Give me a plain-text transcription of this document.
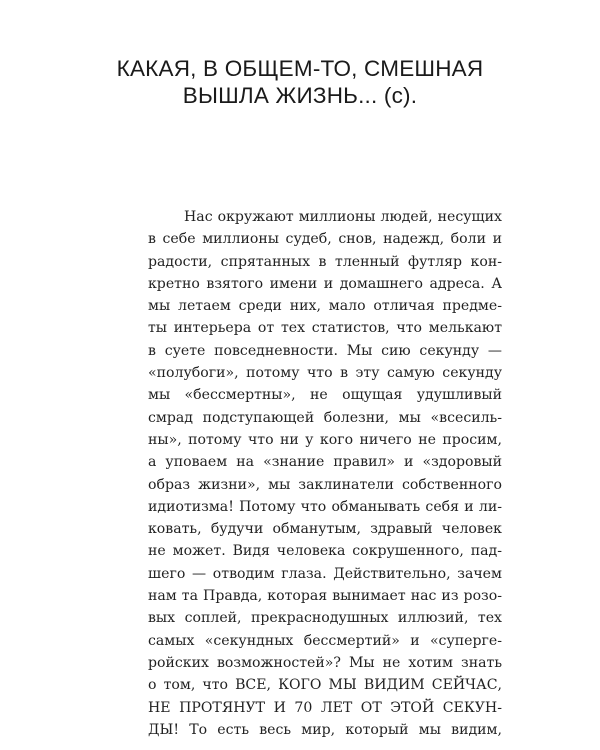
КАКАЯ, В ОБЩЕМ-ТО, СМЕШНАЯ
ВЫШЛА ЖИЗНЬ... (с).
Нас окружают миллионы людей, несущих
в себе миллионы судеб, снов, надежд, боли и
радости, спрятанных в тленный футляр кон-
кретно взятого имени и домашнего адреса. А
мы летаем среди них, мало отличая предме-
ты интерьера от тех статистов, что мелькают
в суете повседневности. Мы сию секунду —
«полубоги», потому что в эту самую секунду
мы «бессмертны», не ощущая удушливый
смрад подступающей болезни, мы «всесиль-
ны», потому что ни у кого ничего не просим,
а уповаем на «знание правил» и «здоровый
образ жизни», мы заклинатели собственного
идиотизма! Потому что обманывать себя и ли-
ковать, будучи обманутым, здравый человек
не может. Видя человека сокрушенного, пад-
шего — отводим глаза. Действительно, зачем
нам та Правда, которая вынимает нас из розо-
вых соплей, прекраснодушных иллюзий, тех
самых «секундных бессмертий» и «суперге-
ройских возможностей»? Мы не хотим знать
о том, что ВСЕ, КОГО МЫ ВИДИМ СЕЙЧАС,
НЕ ПРОТЯНУТ И 70 ЛЕТ ОТ ЭТОЙ СЕКУН-
ДЫ! То есть весь мир, который мы видим,
